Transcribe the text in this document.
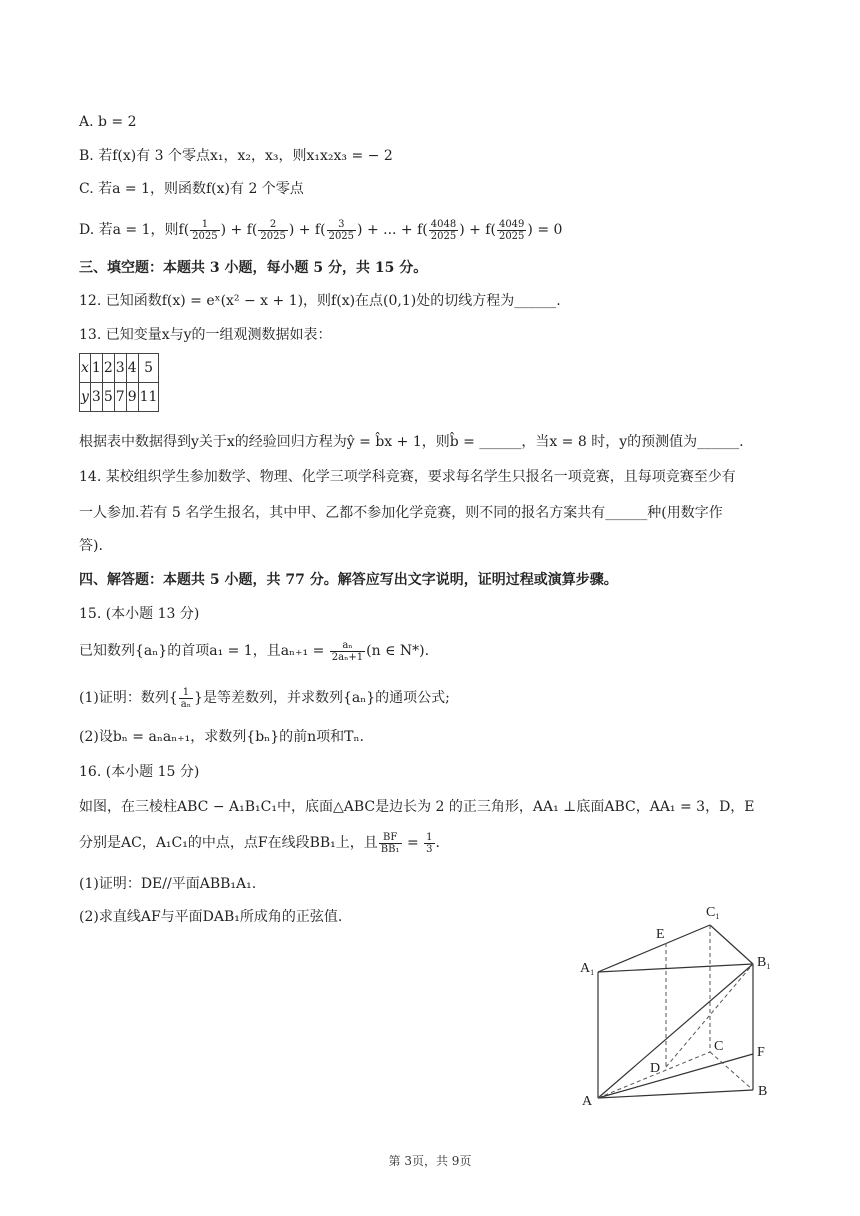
A. b = 2
B. 若f(x)有 3 个零点x₁，x₂，x₃，则x₁x₂x₃ = − 2
C. 若a = 1，则函数f(x)有 2 个零点
D. 若a = 1，则$f( \frac{1}{2025}$ ) + $f( \frac{2}{2025}$ ) + $f( \frac{3}{2025}$ ) + ... + $f( \frac{4048}{2025}$ ) + $f( \frac{4049}{2025}$ ) = 0
三、填空题：本题共 3 小题，每小题 5 分，共 15 分。
12. 已知函数f(x) = eˣ(x² − x + 1)，则f(x)在点(0,1)处的切线方程为______.
13. 已知变量x与y的一组观测数据如表：
x	1	2	3	4	5
y	3	5	7	9	11
根据表中数据得到y关于x的经验回归方程为ŷ = b̂x + 1，则b̂ = ______，当x = 8 时，y的预测值为______.
14. 某校组织学生参加数学、物理、化学三项学科竞赛，要求每名学生只报名一项竞赛，且每项竞赛至少有
一人参加.若有 5 名学生报名，其中甲、乙都不参加化学竞赛，则不同的报名方案共有______种(用数字作
答).
四、解答题：本题共 5 小题，共 77 分。解答应写出文字说明，证明过程或演算步骤。
15. (本小题 13 分)
已知数列{aₙ}的首项a₁ = 1，且$a_{n+1} = \frac{\text{aₙ}}{\text{2aₙ+1}} (n$ ∈ N*).
(1)证明：数列{ $\frac{1}{\text{aₙ}}$ }是等差数列，并求数列{aₙ}的通项公式;
(2)设bₙ = aₙaₙ₊₁，求数列{bₙ}的前n项和Tₙ.
16. (本小题 15 分)
如图，在三棱柱ABC − A₁B₁C₁中，底面△ABC是边长为 2 的正三角形，AA₁ ⊥底面ABC，AA₁ = 3，D，E
分别是AC，A₁C₁的中点，点F在线段BB₁上，且 $\frac{BF}{\text{BB₁}} = \frac{1}{3}$ .
(1)证明：DE//平面ABB₁A₁.
(2)求直线AF与平面DAB₁所成角的正弦值.
A
B
C
D
E
F
$A_1$
$B_1$
$C_1$
第 3页，共 9页
